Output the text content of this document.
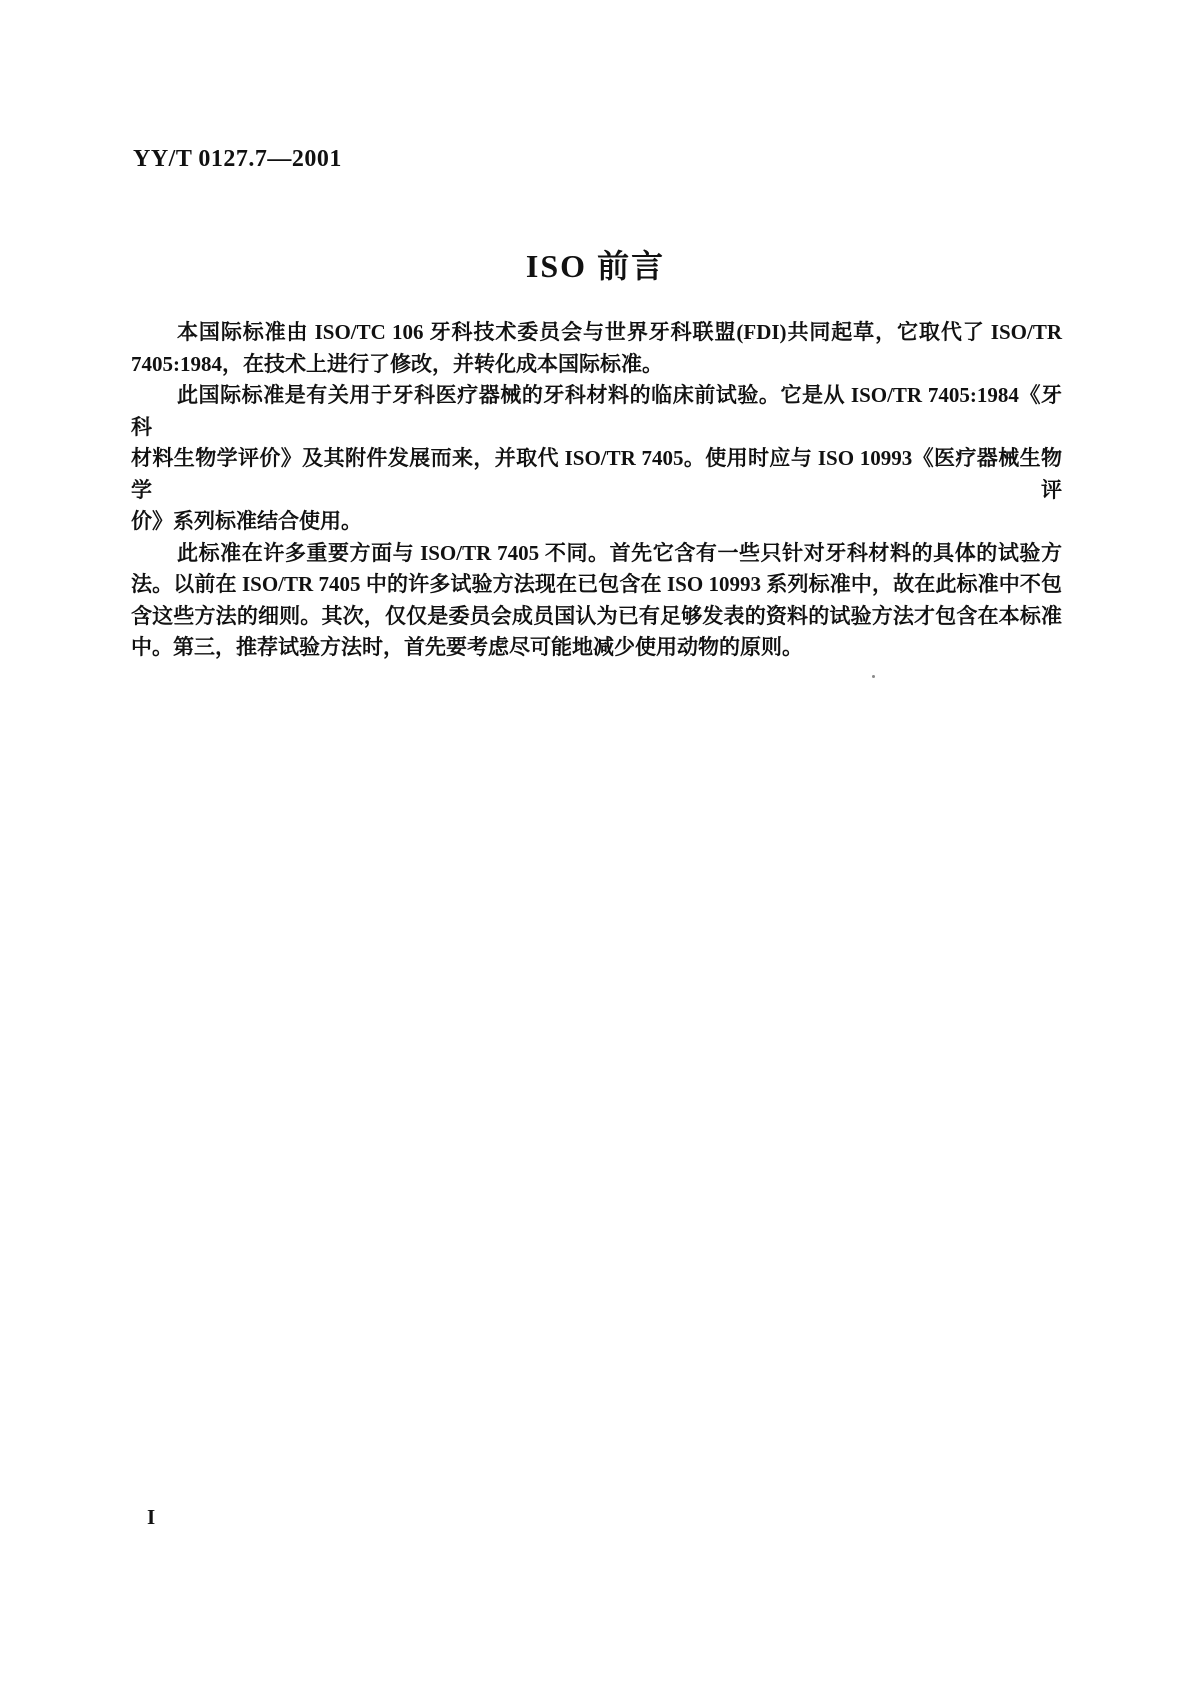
YY/T 0127.7—2001
ISO 前言
本国际标准由 ISO/TC 106 牙科技术委员会与世界牙科联盟(FDI)共同起草，它取代了 ISO/TR
7405:1984，在技术上进行了修改，并转化成本国际标准。
此国际标准是有关用于牙科医疗器械的牙科材料的临床前试验。它是从 ISO/TR 7405:1984《牙科
材料生物学评价》及其附件发展而来，并取代 ISO/TR 7405。使用时应与 ISO 10993《医疗器械生物学评
价》系列标准结合使用。
此标准在许多重要方面与 ISO/TR 7405 不同。首先它含有一些只针对牙科材料的具体的试验方
法。以前在 ISO/TR 7405 中的许多试验方法现在已包含在 ISO 10993 系列标准中，故在此标准中不包
含这些方法的细则。其次，仅仅是委员会成员国认为已有足够发表的资料的试验方法才包含在本标准
中。第三，推荐试验方法时，首先要考虑尽可能地减少使用动物的原则。
I
